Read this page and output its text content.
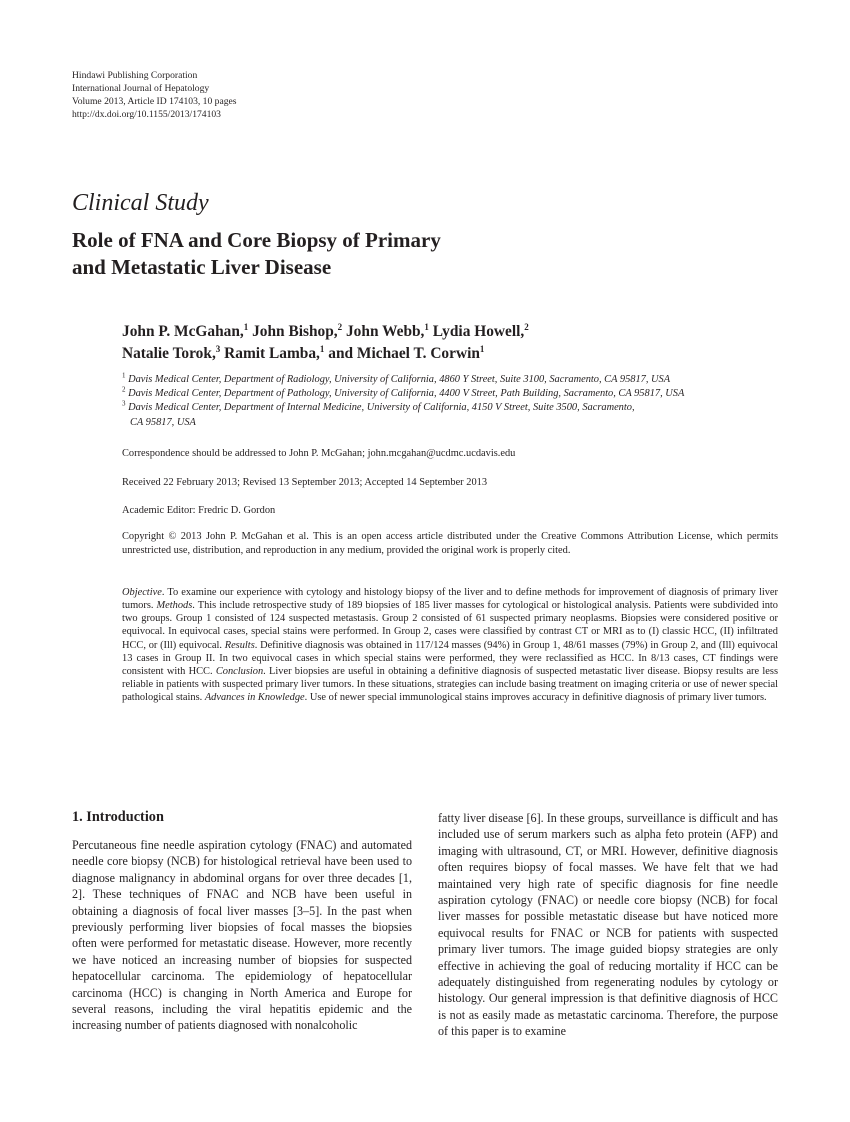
Hindawi Publishing Corporation
International Journal of Hepatology
Volume 2013, Article ID 174103, 10 pages
http://dx.doi.org/10.1155/2013/174103
Clinical Study
Role of FNA and Core Biopsy of Primary
and Metastatic Liver Disease
John P. McGahan,$^1$ John Bishop,$^2$ John Webb,$^1$ Lydia Howell,$^2$
Natalie Torok,$^3$ Ramit Lamba,$^1$ and Michael T. Corwin$^1$
$^1$ Davis Medical Center, Department of Radiology, University of California, 4860 Y Street, Suite 3100, Sacramento, CA 95817, USA
$^2$ Davis Medical Center, Department of Pathology, University of California, 4400 V Street, Path Building, Sacramento, CA 95817, USA
$^3$ Davis Medical Center, Department of Internal Medicine, University of California, 4150 V Street, Suite 3500, Sacramento,
CA 95817, USA
Correspondence should be addressed to John P. McGahan; john.mcgahan@ucdmc.ucdavis.edu
Received 22 February 2013; Revised 13 September 2013; Accepted 14 September 2013
Academic Editor: Fredric D. Gordon
Copyright © 2013 John P. McGahan et al. This is an open access article distributed under the Creative Commons Attribution License, which permits unrestricted use, distribution, and reproduction in any medium, provided the original work is properly cited.
Objective. To examine our experience with cytology and histology biopsy of the liver and to define methods for improvement of diagnosis of primary liver tumors. Methods. This include retrospective study of 189 biopsies of 185 liver masses for cytological or histological analysis. Patients were subdivided into two groups. Group 1 consisted of 124 suspected metastasis. Group 2 consisted of 61 suspected primary neoplasms. Biopsies were considered positive or equivocal. In equivocal cases, special stains were performed. In Group 2, cases were classified by contrast CT or MRI as to (I) classic HCC, (II) infiltrated HCC, or (Ill) equivocal. Results. Definitive diagnosis was obtained in 117/124 masses (94%) in Group 1, 48/61 masses (79%) in Group 2, and (Ill) equivocal 13 cases in Group II. In two equivocal cases in which special stains were performed, they were reclassified as HCC. In 8/13 cases, CT findings were consistent with HCC. Conclusion. Liver biopsies are useful in obtaining a definitive diagnosis of suspected metastatic liver disease. Biopsy results are less reliable in patients with suspected primary liver tumors. In these situations, strategies can include basing treatment on imaging criteria or use of newer special pathological stains. Advances in Knowledge. Use of newer special immunological stains improves accuracy in definitive diagnosis of primary liver tumors.
1. Introduction

Percutaneous fine needle aspiration cytology (FNAC) and automated needle core biopsy (NCB) for histological retrieval have been used to diagnose malignancy in abdominal organs for over three decades [1, 2]. These techniques of FNAC and NCB have been useful in obtaining a diagnosis of focal liver masses [3–5]. In the past when previously performing liver biopsies of focal masses the biopsies often were performed for metastatic disease. However, more recently we have noticed an increasing number of biopsies for suspected hepatocellular carcinoma. The epidemiology of hepatocellular carcinoma (HCC) is changing in North America and Europe for several reasons, including the viral hepatitis epidemic and the increasing number of patients diagnosed with nonalcoholic

fatty liver disease [6]. In these groups, surveillance is difficult and has included use of serum markers such as alpha feto protein (AFP) and imaging with ultrasound, CT, or MRI. However, definitive diagnosis often requires biopsy of focal masses. We have felt that we had maintained very high rate of specific diagnosis for fine needle aspiration cytology (FNAC) or needle core biopsy (NCB) for focal liver masses for possible metastatic disease but have noticed more equivocal results for FNAC or NCB for patients with suspected primary liver tumors. The image guided biopsy strategies are only effective in achieving the goal of reducing mortality if HCC can be adequately distinguished from regenerating nodules by cytology or histology. Our general impression is that definitive diagnosis of HCC is not as easily made as metastatic carcinoma. Therefore, the purpose of this paper is to examine
